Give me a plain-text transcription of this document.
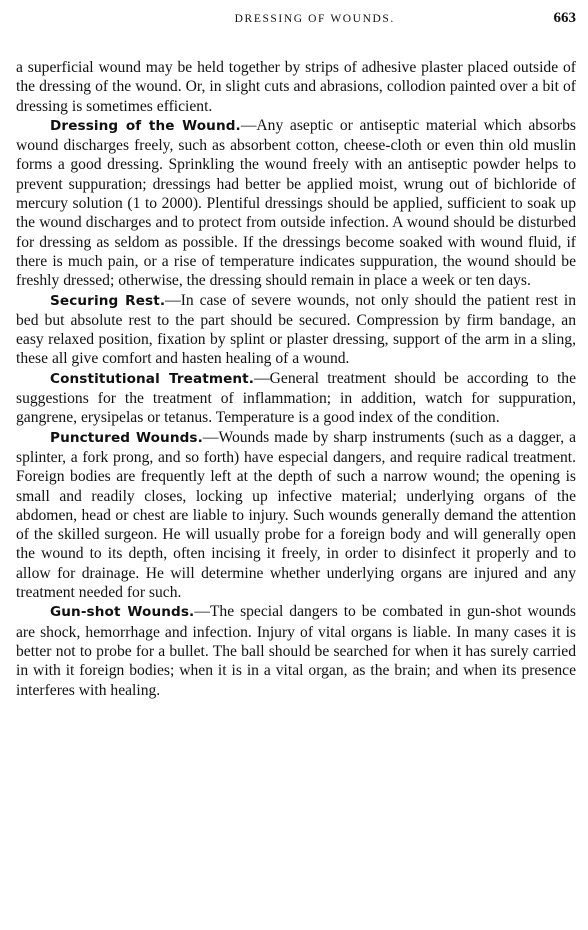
DRESSING OF WOUNDS.	663

a superficial wound may be held together by strips of adhesive plaster placed outside of the dressing of the wound. Or, in slight cuts and abrasions, collodion painted over a bit of dressing is sometimes efficient.

Dressing of the Wound.—Any aseptic or antiseptic material which absorbs wound discharges freely, such as absorbent cotton, cheese-cloth or even thin old muslin forms a good dressing. Sprinkling the wound freely with an antiseptic powder helps to prevent suppuration; dressings had better be applied moist, wrung out of bichloride of mercury solution (1 to 2000). Plentiful dressings should be applied, sufficient to soak up the wound discharges and to protect from outside infection. A wound should be disturbed for dressing as seldom as possible. If the dressings become soaked with wound fluid, if there is much pain, or a rise of temperature indicates suppuration, the wound should be freshly dressed; otherwise, the dressing should remain in place a week or ten days.

Securing Rest.—In case of severe wounds, not only should the patient rest in bed but absolute rest to the part should be secured. Compression by firm bandage, an easy relaxed position, fixation by splint or plaster dressing, support of the arm in a sling, these all give comfort and hasten healing of a wound.

Constitutional Treatment.—General treatment should be according to the suggestions for the treatment of inflammation; in addition, watch for suppuration, gangrene, erysipelas or tetanus. Temperature is a good index of the condition.

Punctured Wounds.—Wounds made by sharp instruments (such as a dagger, a splinter, a fork prong, and so forth) have especial dangers, and require radical treatment. Foreign bodies are frequently left at the depth of such a narrow wound; the opening is small and readily closes, locking up infective material; underlying organs of the abdomen, head or chest are liable to injury. Such wounds generally demand the attention of the skilled surgeon. He will usually probe for a foreign body and will generally open the wound to its depth, often incising it freely, in order to disinfect it properly and to allow for drainage. He will determine whether underlying organs are injured and any treatment needed for such.

Gun-shot Wounds.—The special dangers to be combated in gun-shot wounds are shock, hemorrhage and infection. Injury of vital organs is liable. In many cases it is better not to probe for a bullet. The ball should be searched for when it has surely carried in with it foreign bodies; when it is in a vital organ, as the brain; and when its presence interferes with healing.
